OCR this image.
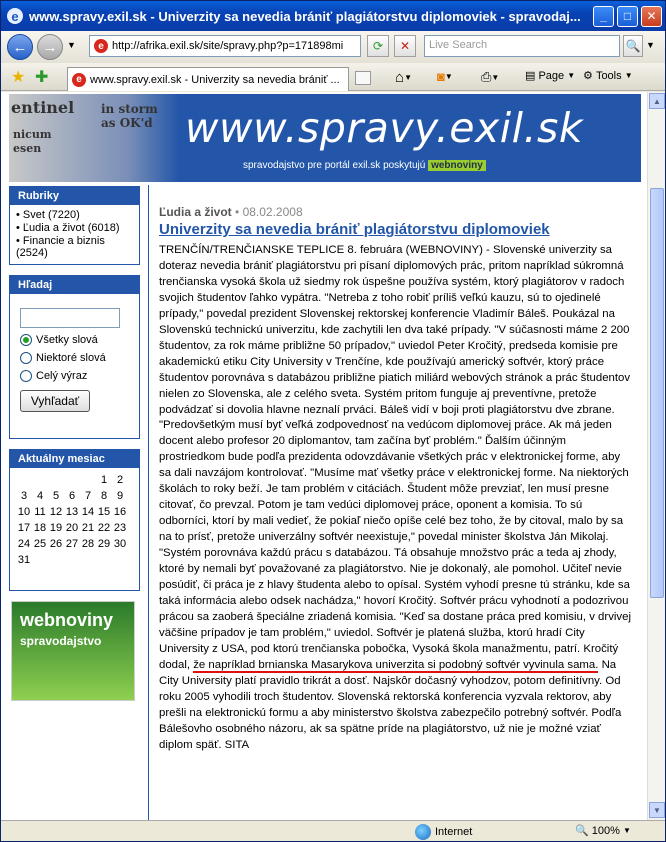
e www.spravy.exil.sk - Univerzity sa nevedia brániť plagiátorstvu diplomoviek - spravodaj...	_	□	✕
← → ▼	e http://afrika.exil.sk/site/spravy.php?p=171898mi ⟳ ✕	Live Search	🔍 ▼
★ ✚	e www.spravy.exil.sk - Univerzity sa nevedia brániť ...	⌂ ▼ ◙ ▼ ⎙ ▼ ▤
Page
▼ ⚙
Tools
▼
entinel in storm
as OK'd
nicum
esen	www.spravy.exil.sk
spravodajstvo pre portál exil.sk poskytujú webnoviny
Rubriky
• Svet (7220)
• Ľudia a život (6018)
• Financie a biznis (2524)
Hľadaj
Všetky slová
Niektoré slová
Celý výraz
Vyhľadať
Aktuálny mesiac
					1	2
3	4	5	6	7	8	9
10	11	12	13	14	15	16
17	18	19	20	21	22	23
24	25	26	27	28	29	30
31						
webnoviny
spravodajstvo
Ľudia a život • 08.02.2008
Univerzity sa nevedia brániť plagiátorstvu diplomoviek
TRENČÍN/TRENČIANSKE TEPLICE 8. februára (WEBNOVINY) - Slovenské univerzity sa doteraz nevedia brániť plagiátorstvu pri písaní diplomových prác, pritom napríklad súkromná trenčianska vysoká škola už siedmy rok úspešne používa systém, ktorý plagiátorov v radoch svojich študentov ľahko vypátra. "Netreba z toho robiť príliš veľkú kauzu, sú to ojedinelé prípady," povedal prezident Slovenskej rektorskej konferencie Vladimír Báleš. Poukázal na Slovenskú technickú univerzitu, kde zachytili len dva také prípady. "V súčasnosti máme 2 200 študentov, za rok máme približne 50 prípadov," uviedol Peter Kročitý, predseda komisie pre akademickú etiku City University v Trenčíne, kde používajú americký softvér, ktorý práce študentov porovnáva s databázou približne piatich miliárd webových stránok a prác študentov nielen zo Slovenska, ale z celého sveta. Systém pritom funguje aj preventívne, pretože podvádzať si dovolia hlavne neznalí prváci. Báleš vidí v boji proti plagiátorstvu dve zbrane. "Predovšetkým musí byť veľká zodpovednosť na vedúcom diplomovej práce. Ak má jeden docent alebo profesor 20 diplomantov, tam začína byť problém." Ďalším účinným prostriedkom bude podľa prezidenta odovzdávanie všetkých prác v elektronickej forme, aby sa dali navzájom kontrolovať. "Musíme mať všetky práce v elektronickej forme. Na niektorých školách to roky beží. Je tam problém v citáciách. Študent môže prevziať, len musí presne citovať, čo prevzal. Potom je tam vedúci diplomovej práce, oponent a komisia. To sú odborníci, ktorí by mali vedieť, že pokiaľ niečo opíše celé bez toho, že by citoval, malo by sa na to prísť, pretože univerzálny softvér neexistuje," povedal minister školstva Ján Mikolaj. "Systém porovnáva každú prácu s databázou. Tá obsahuje množstvo prác a teda aj zhody, ktoré by nemali byť považované za plagiátorstvo. Nie je dokonalý, ale pomohol. Učiteľ nevie posúdiť, či práca je z hlavy študenta alebo to opísal. Systém vyhodí presne tú stránku, kde sa taká informácia alebo odsek nachádza," hovorí Kročitý. Softvér prácu vyhodnotí a podozrivou prácou sa zaoberá špeciálne zriadená komisia. "Keď sa dostane práca pred komisiu, v drvivej väčšine prípadov je tam problém," uviedol. Softvér je platená služba, ktorú hradí City University z USA, pod ktorú trenčianska pobočka, Vysoká škola manažmentu, patrí. Kročitý dodal, že napríklad brnianska Masarykova univerzita si podobný softvér vyvinula sama. Na City University platí pravidlo trikrát a dosť. Najskôr dočasný vyhodzov, potom definitívny. Od roku 2005 vyhodili troch študentov. Slovenská rektorská konferencia vyzvala rektorov, aby prešli na elektronickú formu a aby ministerstvo školstva zabezpečilo potrebný softvér. Podľa Bálešovho osobného názoru, ak sa spätne príde na plagiátorstvo, už nie je možné vziať diplom späť. SITA
▲
▼
Internet	🔍
100%
▼
